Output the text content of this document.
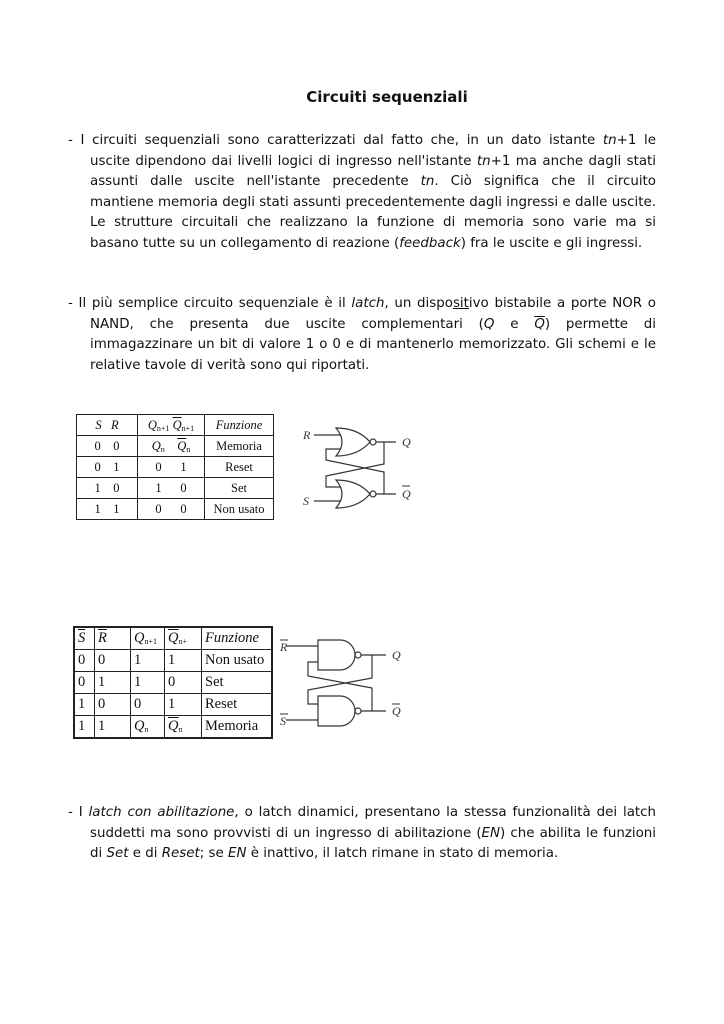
Circuiti sequenziali
- I circuiti sequenziali sono caratterizzati dal fatto che, in un dato istante tn+1 le
uscite dipendono dai livelli logici di ingresso nell'istante tn+1 ma anche dagli stati
assunti dalle uscite nell'istante precedente tn. Ciò significa che il circuito
mantiene memoria degli stati assunti precedentemente dagli ingressi e dalle uscite.
Le strutture circuitali che realizzano la funzione di memoria sono varie ma si
basano tutte su un collegamento di reazione (feedback) fra le uscite e gli ingressi.
- Il più semplice circuito sequenziale è il latch, un dispositivo bistabile a porte NOR o
NAND, che presenta due uscite complementari (Q e $\overline{Q}$) permette di
immagazzinare un bit di valore 1 o 0 e di mantenerlo memorizzato. Gli schemi e le
relative tavole di verità sono qui riportati.
S R	$Q_{n+1}$ $\overline{Q}_{n+1}$	Funzione
0 0	$Q_n$ $\overline{Q}_n$	Memoria
0 1	0 1	Reset
1 0	1 0	Set
1 1	0 0	Non usato
R
S
Q
Q
$\overline{S}$	$\overline{R}$	$Q_{n+1}$	$\overline{Q}_{n+}$	Funzione
0	0	1	1	Non usato
0	1	1	0	Set
1	0	0	1	Reset
1	1	$Q_n$	$\overline{Q}_n$	Memoria
R
S
Q
Q
- I latch con abilitazione, o latch dinamici, presentano la stessa funzionalità dei latch
suddetti ma sono provvisti di un ingresso di abilitazione (EN) che abilita le funzioni
di Set e di Reset; se EN è inattivo, il latch rimane in stato di memoria.
